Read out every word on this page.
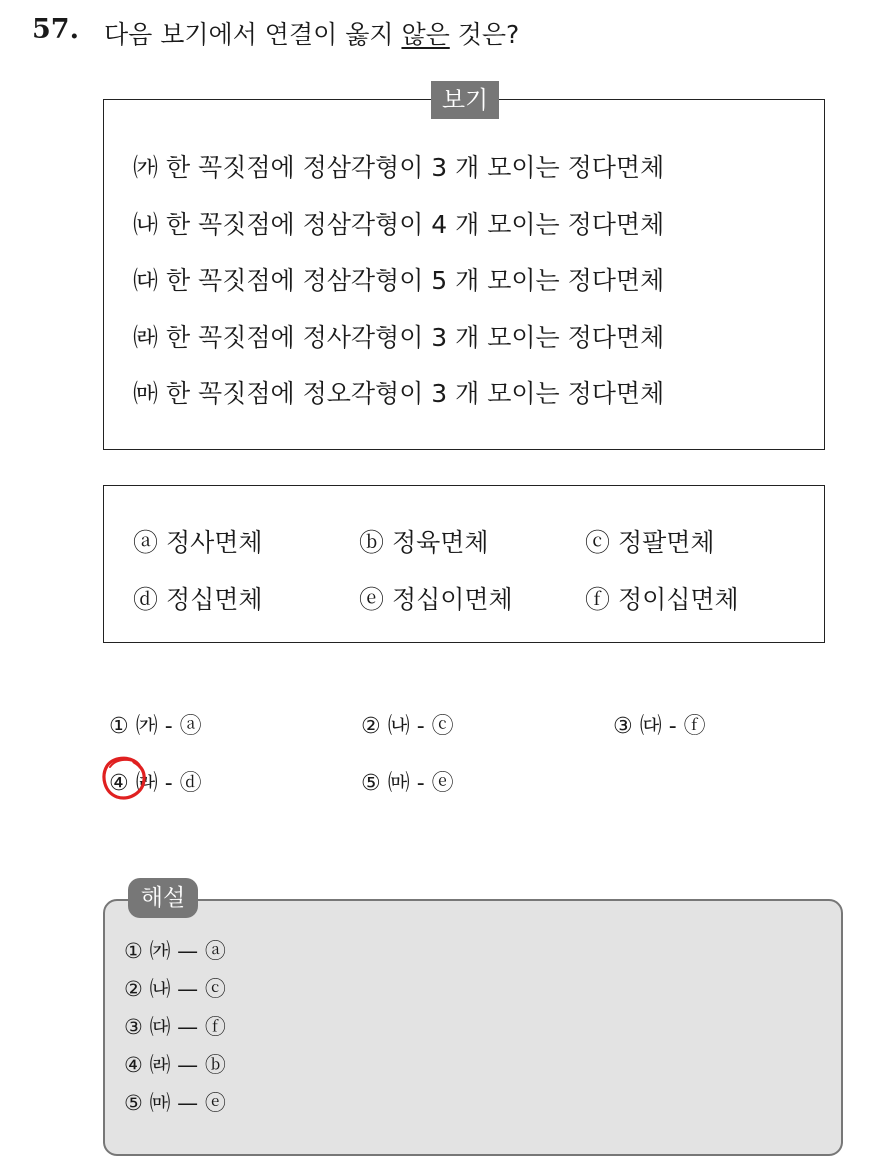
57. 다음 보기에서 연결이 옳지 않은 것은?
보기
㈎ 한 꼭짓점에 정삼각형이 3 개 모이는 정다면체
㈏ 한 꼭짓점에 정삼각형이 4 개 모이는 정다면체
㈐ 한 꼭짓점에 정삼각형이 5 개 모이는 정다면체
㈑ 한 꼭짓점에 정사각형이 3 개 모이는 정다면체
㈒ 한 꼭짓점에 정오각형이 3 개 모이는 정다면체
ⓐ 정사면체	ⓑ 정육면체	ⓒ 정팔면체
ⓓ 정십면체	ⓔ 정십이면체	ⓕ 정이십면체
① ㈎ - ⓐ	② ㈏ - ⓒ	③ ㈐ - ⓕ
④ ㈑ - ⓓ	⑤ ㈒ - ⓔ
해설
① ㈎ — ⓐ
② ㈏ — ⓒ
③ ㈐ — ⓕ
④ ㈑ — ⓑ
⑤ ㈒ — ⓔ
